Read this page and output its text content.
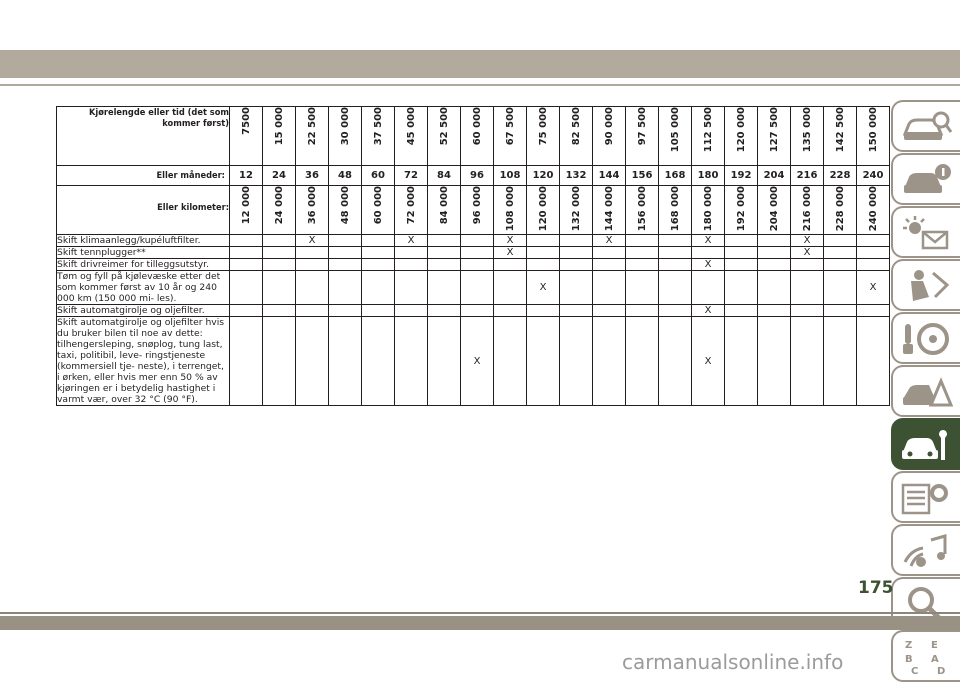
Kjørelengde eller tid (det som kommer først)	7500	15 000	22 500	30 000	37 500	45 000	52 500	60 000	67 500	75 000	82 500	90 000	97 500	105 000	112 500	120 000	127 500	135 000	142 500	150 000

Eller måneder:	12	24	36	48	60	72	84	96	108	120	132	144	156	168	180	192	204	216	228	240
Eller kilometer:	12 000	24 000	36 000	48 000	60 000	72 000	84 000	96 000	108 000	120 000	132 000	144 000	156 000	168 000	180 000	192 000	204 000	216 000	228 000	240 000

Skift klimaanlegg/kupéluftfilter.			X			X			X			X			X			X		
Skift tennplugger**									X									X		
Skift drivreimer for tilleggsutstyr.															X					
Tøm og fyll på kjølevæske etter det som kommer først av 10 år og 240 000 km (150 000 mi- les).										X										X
Skift automatgirolje og oljefilter.															X					
Skift automatgirolje og oljefilter hvis du bruker bilen til noe av dette: tilhengersleping, snøplog, tung last, taxi, politibil, leve- ringstjeneste (kommersiell tje- neste), i terrenget, i ørken, eller hvis mer enn 50 % av kjøringen er i betydelig hastighet i varmt vær, over 32 °C (90 °F).								X							X					
Z E
B A
C D
175
carmanualsonline.info
